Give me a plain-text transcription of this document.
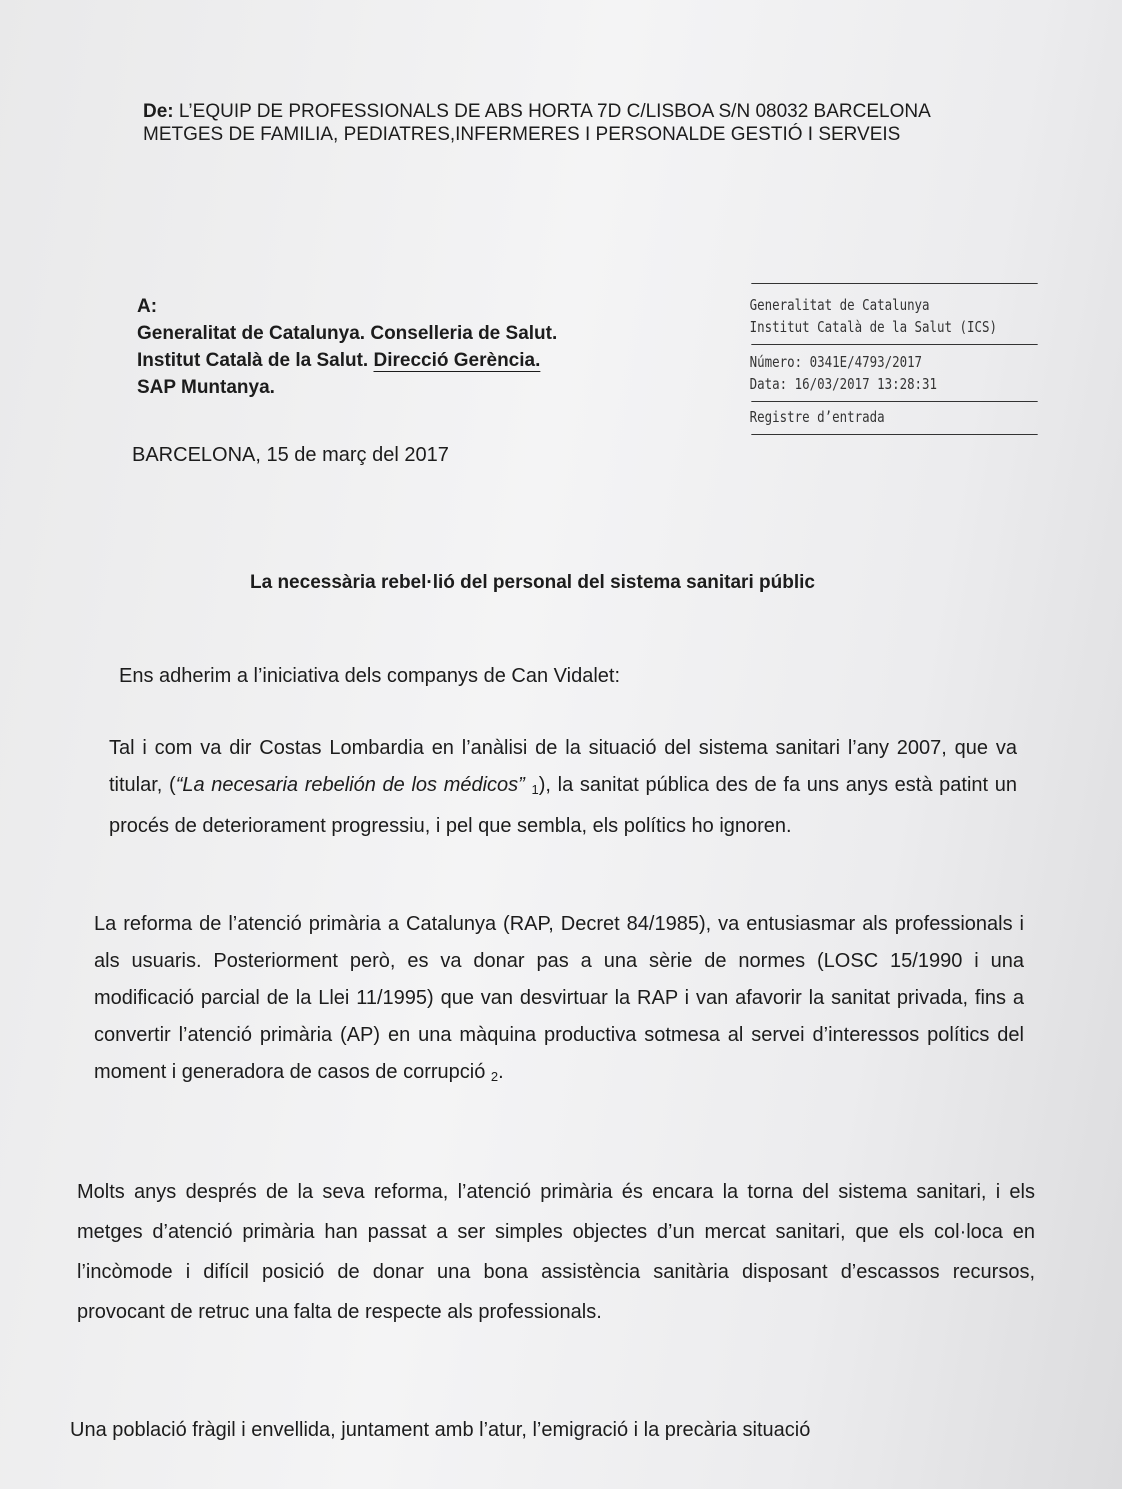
De: L’EQUIP DE PROFESSIONALS DE ABS HORTA 7D C/LISBOA S/N 08032 BARCELONA
METGES DE FAMILIA, PEDIATRES,INFERMERES I PERSONALDE GESTIÓ I SERVEIS
A:
Generalitat de Catalunya. Conselleria de Salut.
Institut Català de la Salut. Direcció Gerència.
SAP Muntanya.
Generalitat de Catalunya
Institut Català de la Salut (ICS)
Número: 0341E/4793/2017
Data: 16/03/2017 13:28:31
Registre d’entrada
BARCELONA, 15 de març del 2017
La necessària rebel·lió del personal del sistema sanitari públic
Ens adherim a l’iniciativa dels companys de Can Vidalet:
Tal i com va dir Costas Lombardia en l’anàlisi de la situació del sistema sanitari l’any 2007, que va titular, (“La necesaria rebelión de los médicos” $_1$), la sanitat pública des de fa uns anys està patint un procés de deteriorament progressiu, i pel que sembla, els polítics ho ignoren.
La reforma de l’atenció primària a Catalunya (RAP, Decret 84/1985), va entusiasmar als professionals i als usuaris. Posteriorment però, es va donar pas a una sèrie de normes (LOSC 15/1990 i una modificació parcial de la Llei 11/1995) que van desvirtuar la RAP i van afavorir la sanitat privada, fins a convertir l’atenció primària (AP) en una màquina productiva sotmesa al servei d’interessos polítics del moment i generadora de casos de corrupció $_2$.
Molts anys després de la seva reforma, l’atenció primària és encara la torna del sistema sanitari, i els metges d’atenció primària han passat a ser simples objectes d’un mercat sanitari, que els col·loca en l’incòmode i difícil posició de donar una bona assistència sanitària disposant d’escassos recursos, provocant de retruc una falta de respecte als professionals.
Una població fràgil i envellida, juntament amb l’atur, l’emigració i la precària situació
